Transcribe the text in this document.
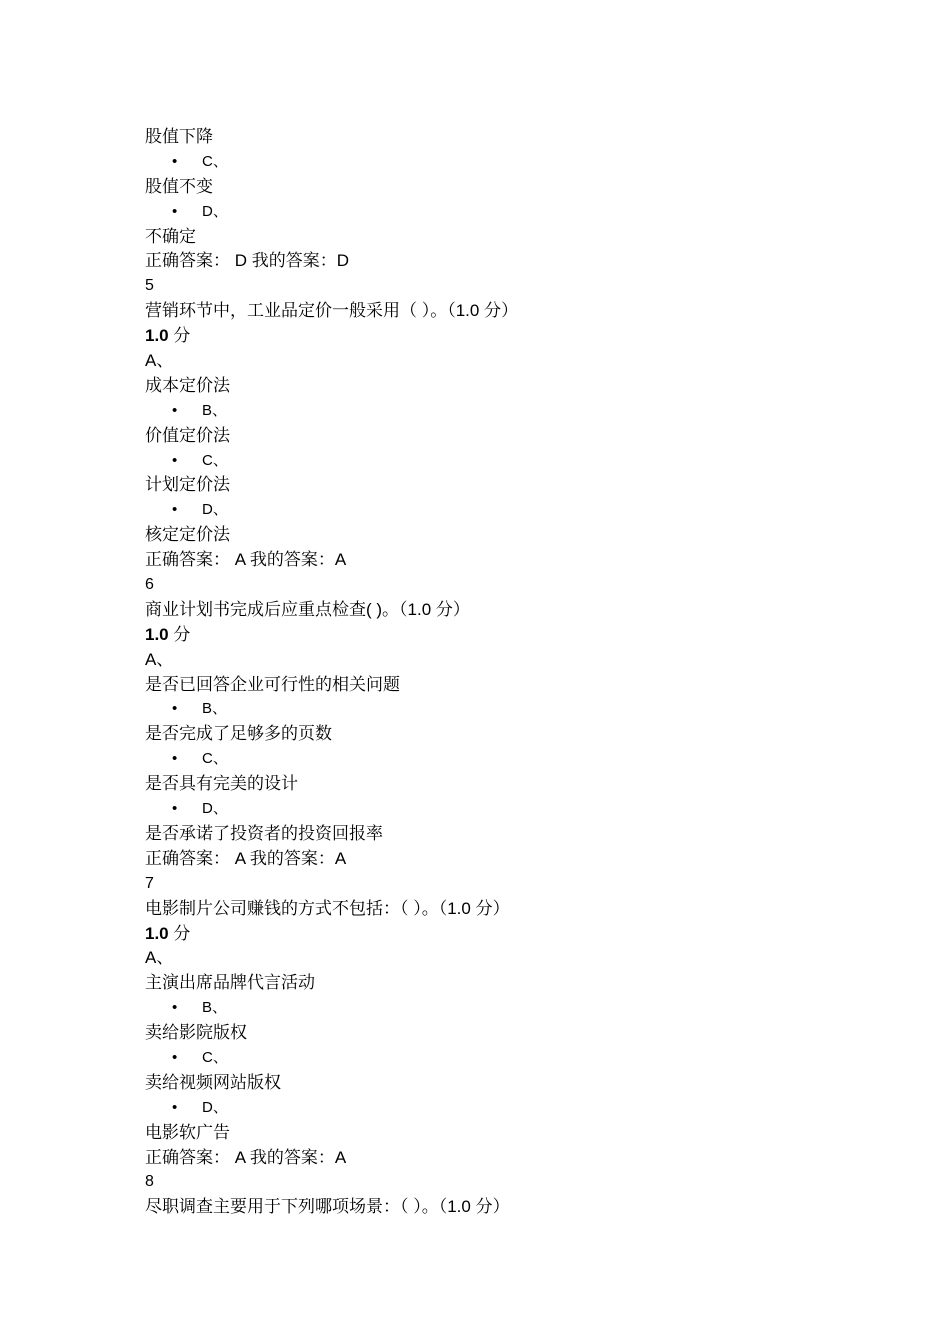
股值下降
• C、
股值不变
• D、
不确定
正确答案： D 我的答案：D
5
营销环节中，工业品定价一般采用（ ）。（1.0 分）
1.0 分
A、
成本定价法
• B、
价值定价法
• C、
计划定价法
• D、
核定定价法
正确答案： A 我的答案：A
6
商业计划书完成后应重点检查( )。（1.0 分）
1.0 分
A、
是否已回答企业可行性的相关问题
• B、
是否完成了足够多的页数
• C、
是否具有完美的设计
• D、
是否承诺了投资者的投资回报率
正确答案： A 我的答案：A
7
电影制片公司赚钱的方式不包括：（ ）。（1.0 分）
1.0 分
A、
主演出席品牌代言活动
• B、
卖给影院版权
• C、
卖给视频网站版权
• D、
电影软广告
正确答案： A 我的答案：A
8
尽职调查主要用于下列哪项场景：（ ）。（1.0 分）
